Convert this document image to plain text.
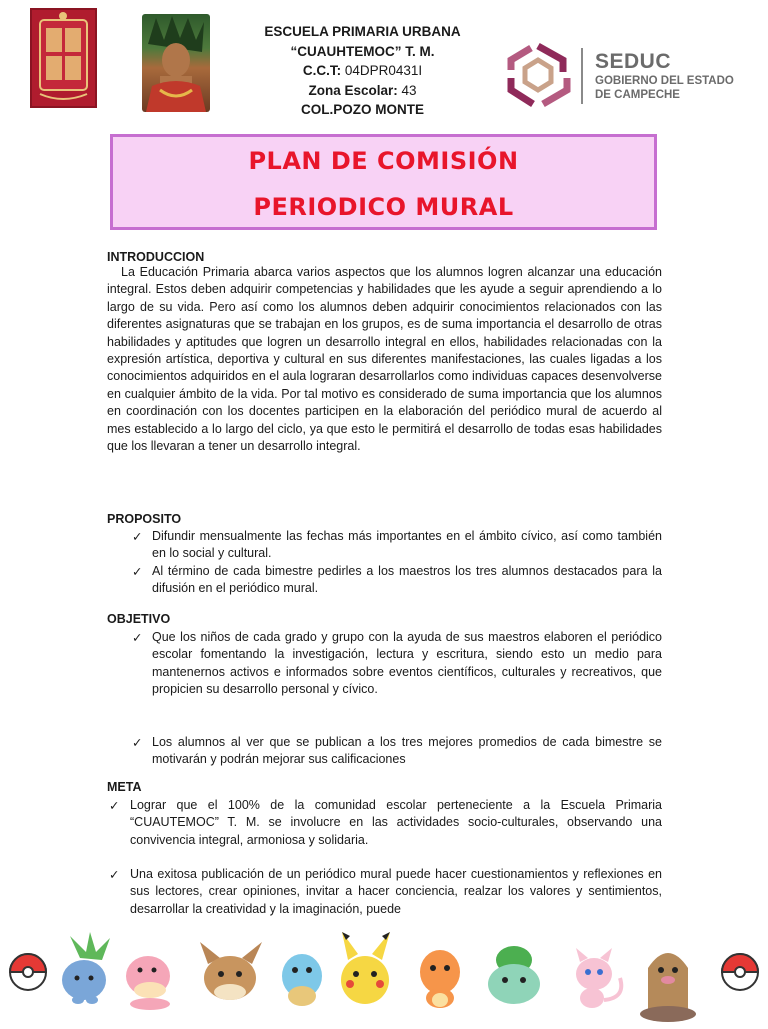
ESCUELA PRIMARIA URBANA
“CUAUHTEMOC” T. M.
C.C.T: 04DPR0431I
Zona Escolar: 43
COL.POZO MONTE
SEDUC
GOBIERNO DEL ESTADO
DE CAMPECHE
PLAN DE COMISIÓN
PERIODICO MURAL
INTRODUCCION
La Educación Primaria abarca varios aspectos que los alumnos logren alcanzar una educación integral. Estos deben adquirir competencias y habilidades que les ayude a seguir aprendiendo a lo largo de su vida. Pero así como los alumnos deben adquirir conocimientos relacionados con las diferentes asignaturas que se trabajan en los grupos, es de suma importancia el desarrollo de otras habilidades y aptitudes que logren un desarrollo integral en ellos, habilidades relacionadas con la expresión artística, deportiva y cultural en sus diferentes manifestaciones, las cuales ligadas a los conocimientos adquiridos en el aula lograran desarrollarlos como individuas capaces desenvolverse en cualquier ámbito de la vida. Por tal motivo es considerado de suma importancia que los alumnos en coordinación con los docentes participen en la elaboración del periódico mural de acuerdo al mes establecido a lo largo del ciclo, ya que esto le permitirá el desarrollo de todas esas habilidades que los llevaran a tener un desarrollo integral.
PROPOSITO
✓ Difundir mensualmente las fechas más importantes en el ámbito cívico, así como también en lo social y cultural.
✓ Al término de cada bimestre pedirles a los maestros los tres alumnos destacados para la difusión en el periódico mural.
OBJETIVO
✓ Que los niños de cada grado y grupo con la ayuda de sus maestros elaboren el periódico escolar fomentando la investigación, lectura y escritura, siendo esto un medio para mantenernos activos e informados sobre eventos científicos, culturales y recreativos, que propicien su desarrollo personal y cívico.
✓ Los alumnos al ver que se publican a los tres mejores promedios de cada bimestre se motivarán y podrán mejorar sus calificaciones
META
✓ Lograr que el 100% de la comunidad escolar perteneciente a la Escuela Primaria “CUAUTEMOC” T. M. se involucre en las actividades socio-culturales, observando una convivencia integral, armoniosa y solidaria.
✓ Una exitosa publicación de un periódico mural puede hacer cuestionamientos y reflexiones en sus lectores, crear opiniones, invitar a hacer conciencia, realzar los valores y sentimientos, desarrollar la creatividad y la imaginación, puede
